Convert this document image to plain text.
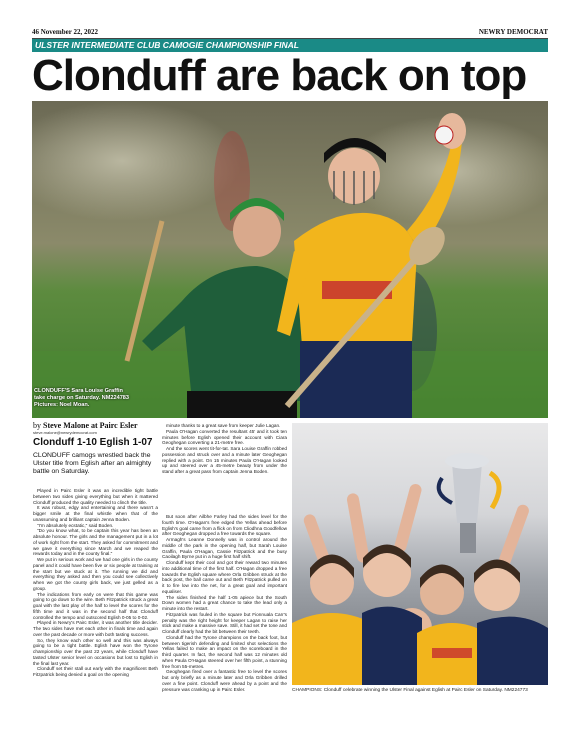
46 November 22, 2022	NEWRY DEMOCRAT
ULSTER INTERMEDIATE CLUB CAMOGIE CHAMPIONSHIP FINAL
Clonduff are back on top
CLONDUFF'S Sara Louise Graffin
take charge on Saturday. NM224783
Pictures: Noel Moan.
by Steve Malone at Pairc Esler
steve.malone@newrydemocrat.com
Clonduff 1-10 Eglish 1-07
CLONDUFF camogs wrestled back the Ulster title from Eglish after an almighty battle on Saturday.

Played in Pairc Esler it was an incredible tight battle between two sides giving everything but when it mattered Clonduff produced the quality needed to clinch the title.

It was robust, edgy and entertaining and there wasn't a bigger smile at the final whistle when that of the unassuming and brilliant captain Jenna Boden.

"I'm absolutely ecstatic," said Boden.

"Do you know what, to be captain this year has been an absolute honour. The girls and the management put in a lot of work right from the start. They asked for commitment and we gave it everything since March and we reaped the rewards today and in the county final."

We put in serious work and we had one girls in the county panel and it could have been five or six people at training at the start but we stuck at it. The running we did and everything they asked and then you could see collectively when we got the county girls back, we just gelled as a group.

The indications from early on were that this game was going to go down to the wire. Beth Fitzpatrick struck a great goal with the last play of the half to level the scores for the fifth time and it was in the second half that Clonduff controlled the tempo and outscored Eglish 0-05 to 0-02.

Played in Newry's Pairc Esler, it was another title decider. The two sides have met each other in finals time and again over the past decade or more with both tasting success.

So, they know each other so well and this was always going to be a tight battle. Eglish have won the Tyrone championship over the past 22 years, while Clonduff have tasted Ulster senior level on occasions but lost to Eglish in the final last year.

Clonduff set their stall out early with the magnificent Beth Fitzpatrick being denied a goal on the opening

minute thanks to a great save from keeper Julie Lagan.

Paula O'Hagan converted the resultant 45' and it took ten minutes before Eglish opened their account with Ciara Geoghegan converting a 21-metre free.

And the scores went tit-for-tat. Sara Louise Graffin robbed possession and struck over and a minute later Geoghegan replied with a point. On 15 minutes Paula O'Hagan looked up and steered over a 45-metre beauty from under the stand after a great pass from captain Jenna Boden.

But soon after Ailbhe Farley had the sides level for the fourth time. O'Hagan's free edged the Yellas ahead before Eglish's goal came from a flick on from Cliodhna Goodfellow after Geoghegan dropped a free towards the square.

Armagh's Leanne Donnelly was in control around the middle of the park in the opening half, but Sarah Louise Graffin, Paula O'Hagan, Cassie Fitzpatrick and the busy Caoilagh Byrne put in a huge first half shift.

Clonduff kept their cool and got their reward two minutes into additional time of the first half. O'Hagan dropped a free towards the Eglish square where Orla Gribben struck at the back post, the ball came out and Beth Fitzpatrick pulled on it to fire low into the net, for a great goal and important equaliser.

The sides finished the half 1-05 apiece but the South Down women had a great chance to take the lead only a minute into the restart.

Fitzpatrick was fouled in the square but Fionnuala Carr's penalty was the right height for keeper Lagan to raise her stick and make a massive save. Still, it had set the tone and Clonduff clearly had the bit between their teeth.

Clonduff had the Tyrone champions on the back foot, but between tigerish defending and limited shot selections the Yellas failed to make an impact on the scoreboard in the third quarter. In fact, the second half was 12 minutes old when Paula O'Hagan steered over her fifth point, a stunning free from 55-metres.

Geoghegan fired over a fantastic free to level the scores but only briefly as a minute later and Orla Gribben drilled over a fine point. Clonduff were ahead by a point and the pressure was cranking up in Pairc Esler.	CHAMPIONS: Clonduff celebrate winning the Ulster Final against Eglish at Pairc Esler on Saturday. NM224773
